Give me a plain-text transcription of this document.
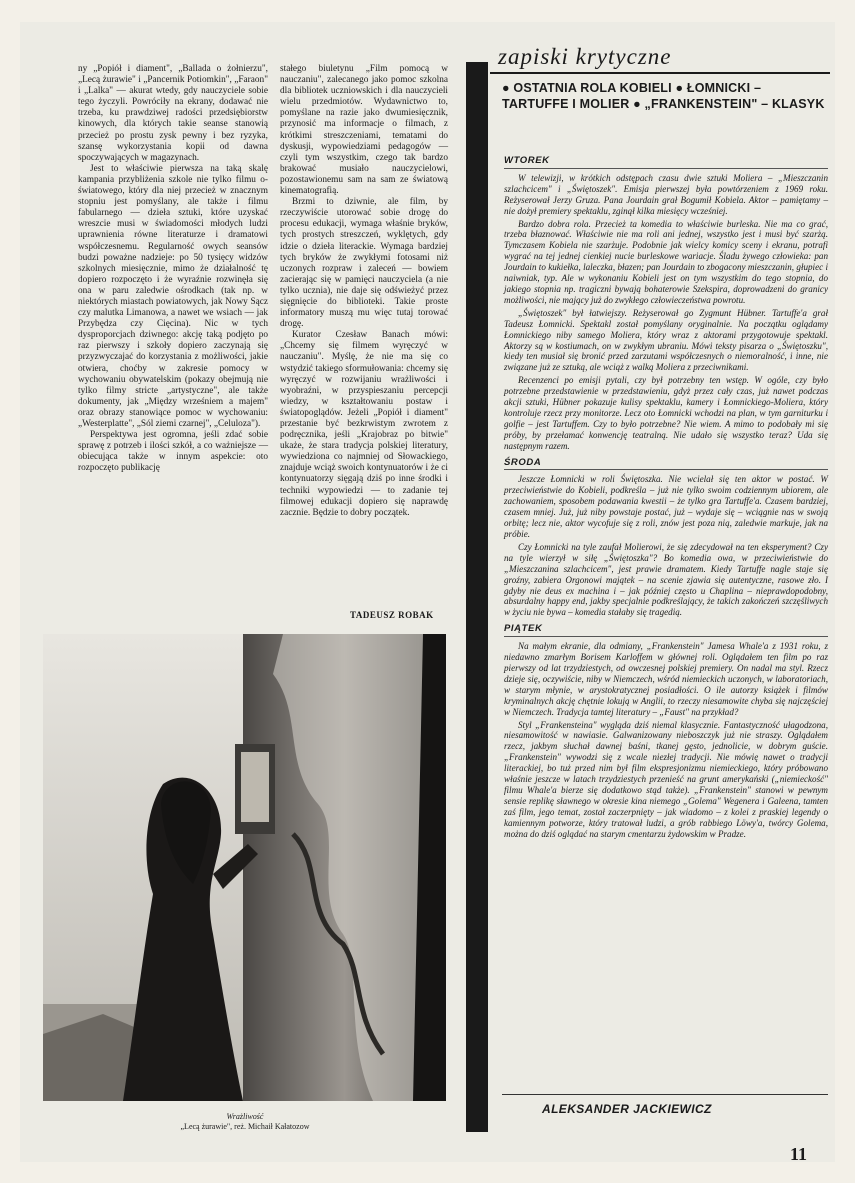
ny „Popiół i diament", „Ballada o żołnierzu", „Lecą żurawie" i „Pancernik Potiomkin", „Faraon" i „Lalka" — akurat wtedy, gdy nauczyciele sobie tego życzyli. Powróciły na ekrany, dodawać nie trzeba, ku prawdziwej radości przedsiębiorstw kinowych, dla których takie seanse stanowią przecież po prostu zysk pewny i bez ryzyka, szansę wykorzystania kopii od dawna spoczywających w magazynach.

Jest to właściwie pierwsza na taką skalę kampania przybliżenia szkole nie tylko filmu o-światowego, który dla niej przecież w znacznym stopniu jest pomyślany, ale także i filmu fabularnego — dzieła sztuki, które uzyskać wreszcie musi w świadomości młodych ludzi uprawnienia równe literaturze i dramatowi współczesnemu. Regularność owych seansów budzi poważne nadzieje: po 50 tysięcy widzów szkolnych miesięcznie, mimo że działalność tę dopiero rozpoczęto i że wyraźnie rozwinęła się ona w paru zaledwie ośrodkach (tak np. w niektórych miastach powiatowych, jak Nowy Sącz czy malutka Limanowa, a nawet we wsiach — jak Przybędza czy Cięcina). Nic w tych dysproporcjach dziwnego: akcję taką podjęto po raz pierwszy i szkoły dopiero zaczynają się przyzwyczajać do korzystania z możliwości, jakie otwiera, choćby w zakresie pomocy w wychowaniu obywatelskim (pokazy obejmują nie tylko filmy stricte „artystyczne", ale także dokumenty, jak „Między wrześniem a majem" oraz obrazy stanowiące pomoc w wychowaniu: „Westerplatte", „Sól ziemi czarnej", „Celuloza").

Perspektywa jest ogromna, jeśli zdać sobie sprawę z potrzeb i ilości szkół, a co ważniejsze — obiecująca także w innym aspekcie: oto rozpoczęto publikację

stałego biuletynu „Film pomocą w nauczaniu", zalecanego jako pomoc szkolna dla bibliotek uczniowskich i dla nauczycieli wielu przedmiotów. Wydawnictwo to, pomyślane na razie jako dwumiesięcznik, przynosić ma informacje o filmach, z krótkimi streszczeniami, tematami do dyskusji, wypowiedziami pedagogów — czyli tym wszystkim, czego tak bardzo brakować musiało nauczycielowi, pozostawionemu sam na sam ze światową kinematografią.

Brzmi to dziwnie, ale film, by rzeczywiście utorować sobie drogę do procesu edukacji, wymaga właśnie bryków, tych prostych streszczeń, wyklętych, gdy idzie o dzieła literackie. Wymaga bardziej tych bryków że zwykłymi fotosami niż uczonych rozpraw i zaleceń — bowiem zacierając się w pamięci nauczyciela (a nie tylko ucznia), nie daje się odświeżyć przez sięgnięcie do biblioteki. Takie proste informatory muszą mu więc tutaj torować drogę.

Kurator Czesław Banach mówi: „Chcemy się filmem wyręczyć w nauczaniu". Myślę, że nie ma się co wstydzić takiego sformułowania: chcemy się wyręczyć w rozwijaniu wrażliwości i wyobraźni, w przyspieszaniu percepcji wiedzy, w kształtowaniu postaw i światopoglądów. Jeżeli „Popiół i diament" przestanie być bezkrwistym zwrotem z podręcznika, jeśli „Krajobraz po bitwie" ukaże, że stara tradycja polskiej literatury, wywiedziona co najmniej od Słowackiego, znajduje wciąż swoich kontynuatorów i że ci kontynuatorzy sięgają dziś po inne środki i techniki wypowiedzi — to zadanie tej filmowej edukacji dopiero się naprawdę zacznie. Będzie to dobry początek.

TADEUSZ ROBAK
Wrażliwość
„Lecą żurawie", reż. Michaił Kałatozow
zapiski krytyczne
● OSTATNIA ROLA KOBIELI ● ŁOMNICKI – TARTUFFE I MOLIER ● „FRANKENSTEIN" – KLASYK
WTOREK

W telewizji, w krótkich odstępach czasu dwie sztuki Moliera – „Mieszczanin szlachcicem" i „Świętoszek". Emisja pierwszej była powtórzeniem z 1969 roku. Reżyserował Jerzy Gruza. Pana Jourdain grał Bogumił Kobiela. Aktor – pamiętamy – nie dożył premiery spektaklu, zginął kilka miesięcy wcześniej.

Bardzo dobra rola. Przecież ta komedia to właściwie burleska. Nie ma co grać, trzeba błaznować. Właściwie nie ma roli ani jednej, wszystko jest i musi być szarżą. Tymczasem Kobiela nie szarżuje. Podobnie jak wielcy komicy sceny i ekranu, potrafi wygrać na tej jednej cienkiej nucie burleskowe wariacje. Śladu żywego człowieka: pan Jourdain to kukiełka, laleczka, błazen; pan Jourdain to zbogacony mieszczanin, głupiec i naiwniak, typ. Ale w wykonaniu Kobieli jest on tym wszystkim do tego stopnia, do jakiego stopnia np. tragiczni bywają bohaterowie Szekspira, doprowadzeni do granicy możliwości, nie mający już do zwykłego człowieczeństwa powrotu.

„Świętoszek" był łatwiejszy. Reżyserował go Zygmunt Hübner. Tartuffe'a grał Tadeusz Łomnicki. Spektakl został pomyślany oryginalnie. Na początku oglądamy Łomnickiego niby samego Moliera, który wraz z aktorami przygotowuje spektakl. Aktorzy są w kostiumach, on w zwykłym ubraniu. Mówi teksty pisarza o „Świętoszku", kiedy ten musiał się bronić przed zarzutami współczesnych o niemoralność, i inne, nie związane już ze sztuką, ale wciąż z walką Moliera z przeciwnikami.

Recenzenci po emisji pytali, czy był potrzebny ten wstęp. W ogóle, czy było potrzebne przedstawienie w przedstawieniu, gdyż przez cały czas, już nawet podczas akcji sztuki, Hübner pokazuje kulisy spektaklu, kamery i Łomnickiego-Moliera, który kontroluje rzecz przy monitorze. Lecz oto Łomnicki wchodzi na plan, w tym garniturku i golfie – jest Tartuffem. Czy to było potrzebne? Nie wiem. A mimo to podobały mi się próby, by przełamać konwencję teatralną. Nie udało się wszystko teraz? Uda się następnym razem.

ŚRODA

Jeszcze Łomnicki w roli Świętoszka. Nie wcielał się ten aktor w postać. W przeciwieństwie do Kobieli, podkreśla – już nie tylko swoim codziennym ubiorem, ale zachowaniem, sposobem podawania kwestii – że tylko gra Tartuffe'a. Czasem bardziej, czasem mniej. Już, już niby powstaje postać, już – wydaje się – wciągnie nas w swoją orbitę; lecz nie, aktor wycofuje się z roli, znów jest poza nią, zaledwie markuje, jak na próbie.

Czy Łomnicki na tyle zaufał Molierowi, że się zdecydował na ten eksperyment? Czy na tyle wierzył w siłę „Świętoszka"? Bo komedia owa, w przeciwieństwie do „Mieszczanina szlachcicem", jest prawie dramatem. Kiedy Tartuffe nagle staje się groźny, zabiera Orgonowi majątek – na scenie zjawia się autentyczne, rasowe zło. I gdyby nie deus ex machina i – jak później często u Chaplina – nieprawdopodobny, absurdalny happy end, jakby specjalnie podkreślający, że takich zakończeń szczęśliwych w życiu nie bywa – komedia stałaby się tragedią.

PIĄTEK

Na małym ekranie, dla odmiany, „Frankenstein" Jamesa Whale'a z 1931 roku, z niedawno zmarłym Borisem Karloffem w głównej roli. Oglądałem ten film po raz pierwszy od lat trzydziestych, od owczesnej polskiej premiery. On nadal ma styl. Rzecz dzieje się, oczywiście, niby w Niemczech, wśród niemieckich uczonych, w laboratoriach, w starym młynie, w arystokratycznej posiadłości. O ile autorzy książek i filmów kryminalnych akcję chętnie lokują w Anglii, to rzeczy niesamowite chyba się najczęściej w Niemczech. Tradycja tamtej literatury – „Faust" na przykład?

Styl „Frankensteina" wygląda dziś niemal klasycznie. Fantastyczność ułagodzona, niesamowitość w nawiasie. Galwanizowany nieboszczyk już nie straszy. Oglądałem rzecz, jakbym słuchał dawnej baśni, tkanej gęsto, jednolicie, w dobrym guście. „Frankenstein" wywodzi się z wcale niezłej tradycji. Nie mówię nawet o tradycji literackiej, bo tuż przed nim był film ekspresjonizmu niemieckiego, który próbowano właśnie jeszcze w latach trzydziestych przenieść na grunt amerykański („niemieckość" filmu Whale'a bierze się dodatkowo stąd także). „Frankenstein" stanowi w pewnym sensie replikę sławnego w okresie kina niemego „Golema" Wegenera i Galeena, tamten zaś film, jego temat, został zaczerpnięty – jak wiadomo – z kolei z praskiej legendy o kamiennym potworze, który tratował ludzi, a grób rabbiego Löwy'a, twórcy Golema, można do dziś oglądać na starym cmentarzu żydowskim w Pradze.

ALEKSANDER JACKIEWICZ
11
